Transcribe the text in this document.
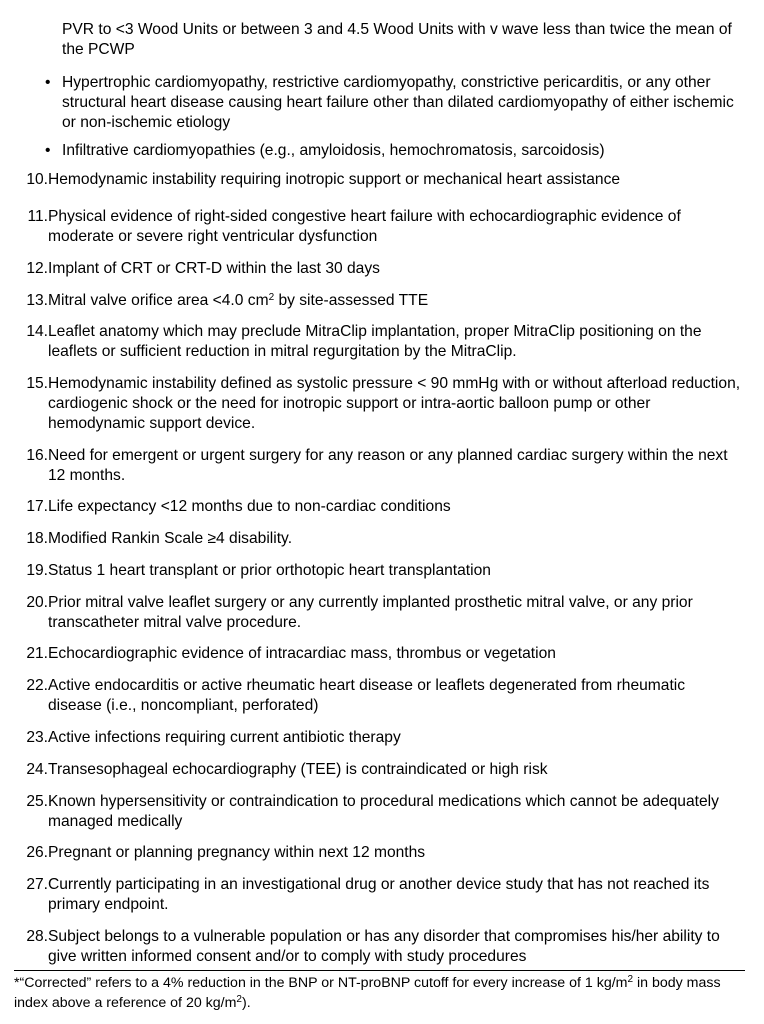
PVR to <3 Wood Units or between 3 and 4.5 Wood Units with v wave less than twice the mean of the PCWP
• Hypertrophic cardiomyopathy, restrictive cardiomyopathy, constrictive pericarditis, or any other structural heart disease causing heart failure other than dilated cardiomyopathy of either ischemic or non-ischemic etiology
• Infiltrative cardiomyopathies (e.g., amyloidosis, hemochromatosis, sarcoidosis)
10. Hemodynamic instability requiring inotropic support or mechanical heart assistance
11. Physical evidence of right-sided congestive heart failure with echocardiographic evidence of moderate or severe right ventricular dysfunction
12. Implant of CRT or CRT-D within the last 30 days
13. Mitral valve orifice area <4.0 $cm^2$ by site-assessed TTE
14. Leaflet anatomy which may preclude MitraClip implantation, proper MitraClip positioning on the leaflets or sufficient reduction in mitral regurgitation by the MitraClip.
15. Hemodynamic instability defined as systolic pressure < 90 mmHg with or without afterload reduction, cardiogenic shock or the need for inotropic support or intra-aortic balloon pump or other hemodynamic support device.
16. Need for emergent or urgent surgery for any reason or any planned cardiac surgery within the next 12 months.
17. Life expectancy <12 months due to non-cardiac conditions
18. Modified Rankin Scale ≥4 disability.
19. Status 1 heart transplant or prior orthotopic heart transplantation
20. Prior mitral valve leaflet surgery or any currently implanted prosthetic mitral valve, or any prior transcatheter mitral valve procedure.
21. Echocardiographic evidence of intracardiac mass, thrombus or vegetation
22. Active endocarditis or active rheumatic heart disease or leaflets degenerated from rheumatic disease (i.e., noncompliant, perforated)
23. Active infections requiring current antibiotic therapy
24. Transesophageal echocardiography (TEE) is contraindicated or high risk
25. Known hypersensitivity or contraindication to procedural medications which cannot be adequately managed medically
26. Pregnant or planning pregnancy within next 12 months
27. Currently participating in an investigational drug or another device study that has not reached its primary endpoint.
28. Subject belongs to a vulnerable population or has any disorder that compromises his/her ability to give written informed consent and/or to comply with study procedures
*“Corrected” refers to a 4% reduction in the BNP or NT-proBNP cutoff for every increase of 1 $kg/m^2$ in body mass index above a reference of 20 $kg/m^2$).
